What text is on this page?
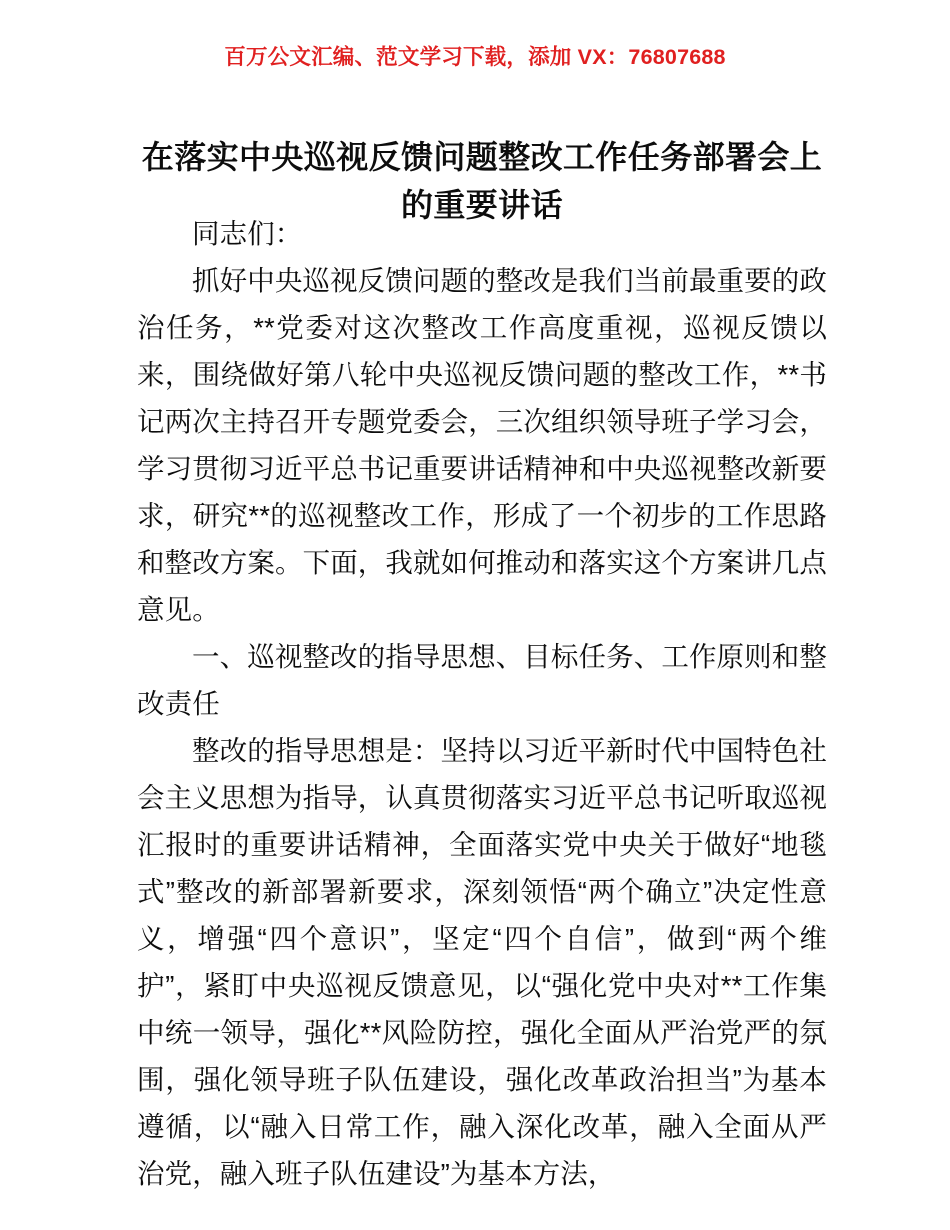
百万公文汇编、范文学习下载，添加 VX：76807688
在落实中央巡视反馈问题整改工作任务部署会上的重要讲话

同志们：

抓好中央巡视反馈问题的整改是我们当前最重要的政治任务，**党委对这次整改工作高度重视，巡视反馈以来，围绕做好第八轮中央巡视反馈问题的整改工作，**书记两次主持召开专题党委会，三次组织领导班子学习会，学习贯彻习近平总书记重要讲话精神和中央巡视整改新要求，研究**的巡视整改工作，形成了一个初步的工作思路和整改方案。下面，我就如何推动和落实这个方案讲几点意见。

一、巡视整改的指导思想、目标任务、工作原则和整改责任

整改的指导思想是：坚持以习近平新时代中国特色社会主义思想为指导，认真贯彻落实习近平总书记听取巡视汇报时的重要讲话精神，全面落实党中央关于做好“地毯式”整改的新部署新要求，深刻领悟“两个确立”决定性意义，增强“四个意识”，坚定“四个自信”，做到“两个维护”，紧盯中央巡视反馈意见，以“强化党中央对**工作集中统一领导，强化**风险防控，强化全面从严治党严的氛围，强化领导班子队伍建设，强化改革政治担当”为基本遵循，以“融入日常工作，融入深化改革，融入全面从严治党，融入班子队伍建设”为基本方法，
